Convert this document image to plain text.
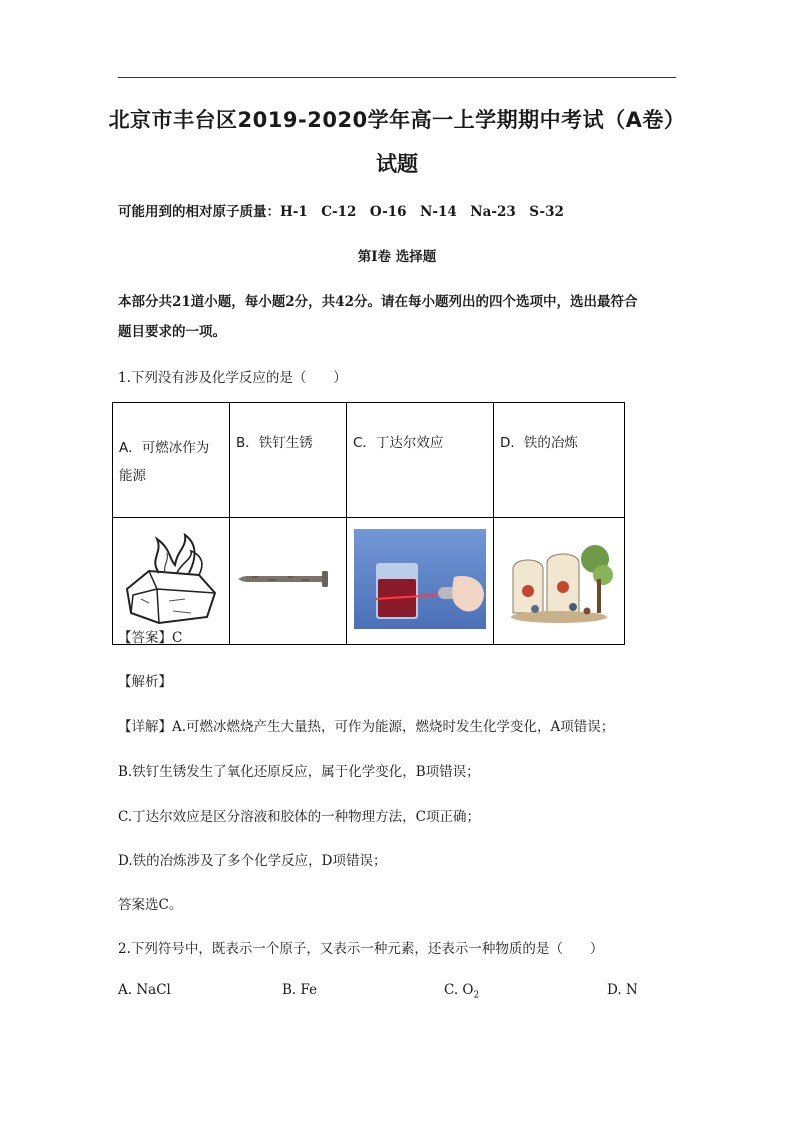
北京市丰台区2019-2020学年高一上学期期中考试（A卷）
试题
可能用到的相对原子质量：H-1　C-12　O-16　N-14　Na-23　S-32
第Ⅰ卷 选择题
本部分共21道小题，每小题2分，共42分。请在每小题列出的四个选项中，选出最符合
题目要求的一项。
1.下列没有涉及化学反应的是（　　）
A．可燃冰作为
能源	B．铁钉生锈	C．丁达尔效应	D．铁的冶炼

【答案】C
【解析】
【详解】A.可燃冰燃烧产生大量热，可作为能源，燃烧时发生化学变化，A项错误；
B.铁钉生锈发生了氧化还原反应，属于化学变化，B项错误；
C.丁达尔效应是区分溶液和胶体的一种物理方法，C项正确；
D.铁的冶炼涉及了多个化学反应，D项错误；
答案选C。
2.下列符号中，既表示一个原子，又表示一种元素，还表示一种物质的是（　　）
A. NaCl	B. Fe	C. $O_2$	D. N
